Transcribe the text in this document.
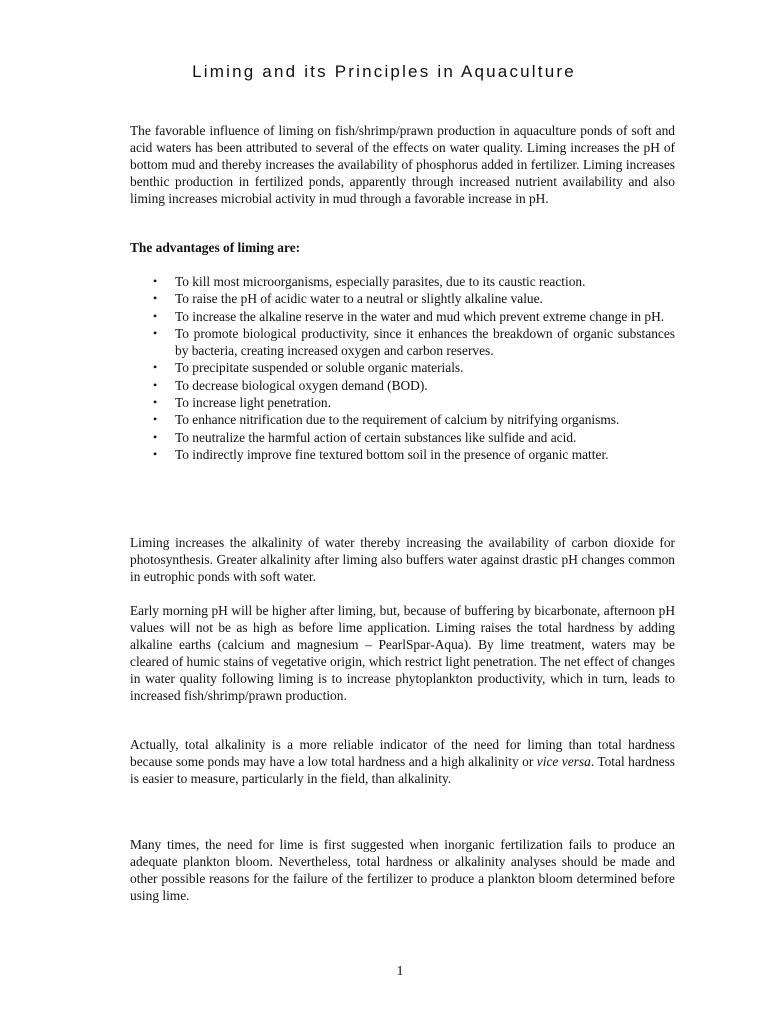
Liming and its Principles in Aquaculture

The favorable influence of liming on fish/shrimp/prawn production in aquaculture ponds of soft and acid waters has been attributed to several of the effects on water quality. Liming increases the pH of bottom mud and thereby increases the availability of phosphorus added in fertilizer. Liming increases benthic production in fertilized ponds, apparently through increased nutrient availability and also liming increases microbial activity in mud through a favorable increase in pH.

The advantages of liming are:
• To kill most microorganisms, especially parasites, due to its caustic reaction.
• To raise the pH of acidic water to a neutral or slightly alkaline value.
• To increase the alkaline reserve in the water and mud which prevent extreme change in pH.
• To promote biological productivity, since it enhances the breakdown of organic substances by bacteria, creating increased oxygen and carbon reserves.
• To precipitate suspended or soluble organic materials.
• To decrease biological oxygen demand (BOD).
• To increase light penetration.
• To enhance nitrification due to the requirement of calcium by nitrifying organisms.
• To neutralize the harmful action of certain substances like sulfide and acid.
• To indirectly improve fine textured bottom soil in the presence of organic matter.

Liming increases the alkalinity of water thereby increasing the availability of carbon dioxide for photosynthesis. Greater alkalinity after liming also buffers water against drastic pH changes common in eutrophic ponds with soft water.

Early morning pH will be higher after liming, but, because of buffering by bicarbonate, afternoon pH values will not be as high as before lime application. Liming raises the total hardness by adding alkaline earths (calcium and magnesium – PearlSpar-Aqua). By lime treatment, waters may be cleared of humic stains of vegetative origin, which restrict light penetration. The net effect of changes in water quality following liming is to increase phytoplankton productivity, which in turn, leads to increased fish/shrimp/prawn production.

Actually, total alkalinity is a more reliable indicator of the need for liming than total hardness because some ponds may have a low total hardness and a high alkalinity or vice versa. Total hardness is easier to measure, particularly in the field, than alkalinity.

Many times, the need for lime is first suggested when inorganic fertilization fails to produce an adequate plankton bloom. Nevertheless, total hardness or alkalinity analyses should be made and other possible reasons for the failure of the fertilizer to produce a plankton bloom determined before using lime.

1
